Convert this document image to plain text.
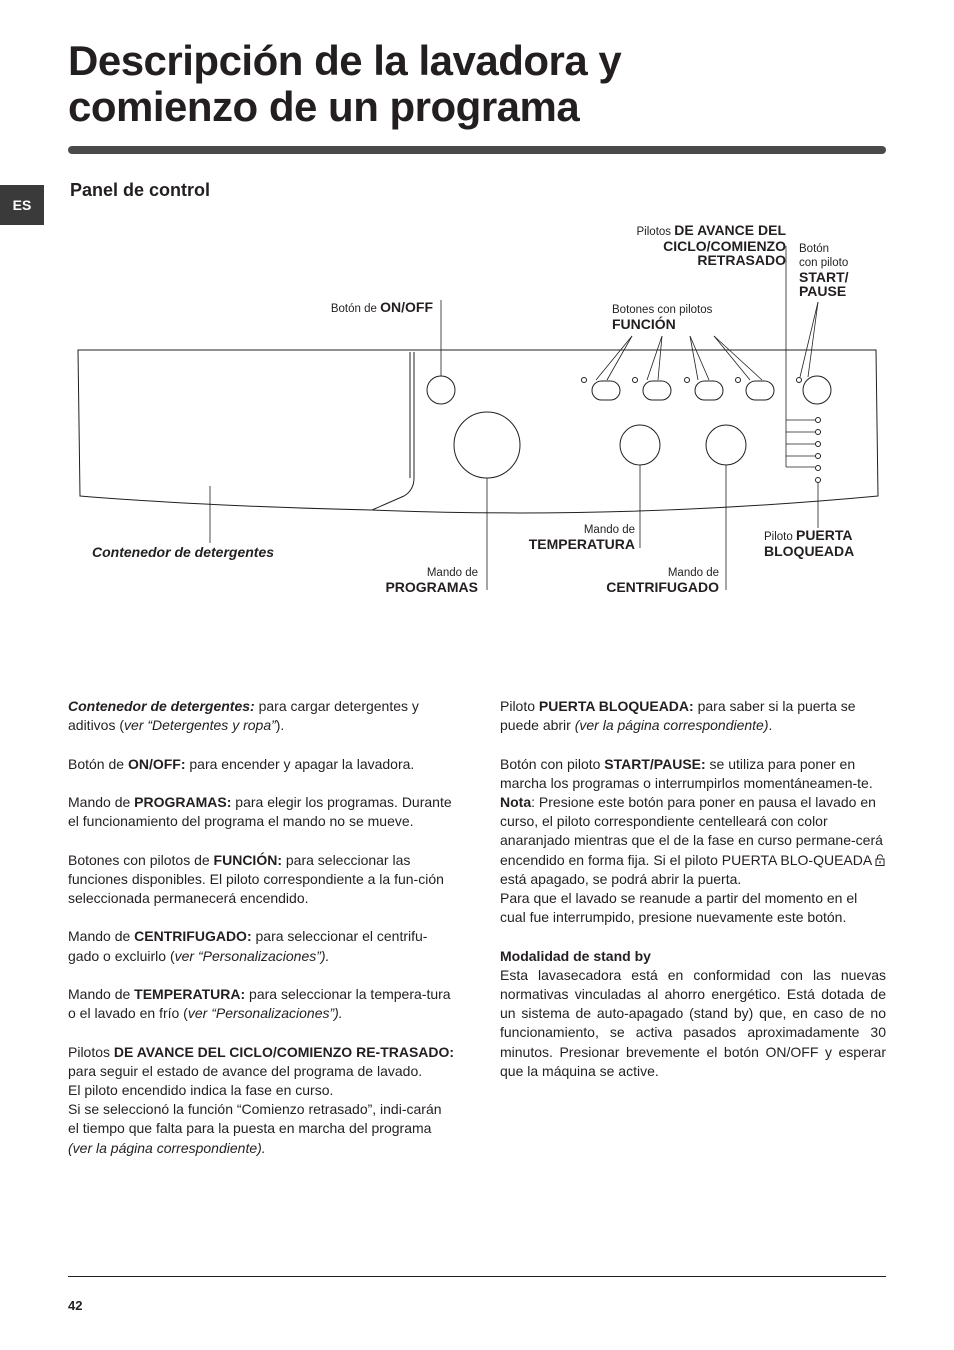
Descripción de la lavadora y
comienzo de un programa
ES
Panel de control
Botón de ON/OFF	Botones con pilotos
FUNCIÓN
Pilotos DE AVANCE DEL
CICLO/COMIENZO
RETRASADO
Botón
con piloto
START/
PAUSE
Contenedor de detergentes
Mando de
PROGRAMAS
Mando de
TEMPERATURA
Mando de
CENTRIFUGADO
Piloto PUERTA
BLOQUEADA

Contenedor de detergentes: para cargar detergentes y aditivos (ver “Detergentes y ropa”).

Botón de ON/OFF: para encender y apagar la lavadora.

Mando de PROGRAMAS: para elegir los programas. Durante el funcionamiento del programa el mando no se mueve.

Botones con pilotos de FUNCIÓN: para seleccionar las funciones disponibles. El piloto correspondiente a la fun-ción seleccionada permanecerá encendido.

Mando de CENTRIFUGADO: para seleccionar el centrifu-gado o excluirlo (ver “Personalizaciones”).

Mando de TEMPERATURA: para seleccionar la tempera-tura o el lavado en frío (ver “Personalizaciones”).

Pilotos DE AVANCE DEL CICLO/COMIENZO RE-TRASADO: para seguir el estado de avance del programa de lavado.

El piloto encendido indica la fase en curso.

Si se seleccionó la función “Comienzo retrasado”, indi-carán el tiempo que falta para la puesta en marcha del programa (ver la página correspondiente).

Piloto PUERTA BLOQUEADA: para saber si la puerta se puede abrir (ver la página correspondiente).

Botón con piloto START/PAUSE: se utiliza para poner en marcha los programas o interrumpirlos momentáneamen-te.

Nota: Presione este botón para poner en pausa el lavado en curso, el piloto correspondiente centelleará con color anaranjado mientras que el de la fase en curso permane-cerá encendido en forma fija. Si el piloto PUERTA BLO-QUEADA  está apagado, se podrá abrir la puerta.

Para que el lavado se reanude a partir del momento en el cual fue interrumpido, presione nuevamente este botón.

Modalidad de stand by

Esta lavasecadora está en conformidad con las nuevas normativas vinculadas al ahorro energético. Está dotada de un sistema de auto-apagado (stand by) que, en caso de no funcionamiento, se activa pasados aproximadamente 30 minutos. Presionar brevemente el botón ON/OFF y esperar que la máquina se active.

42
